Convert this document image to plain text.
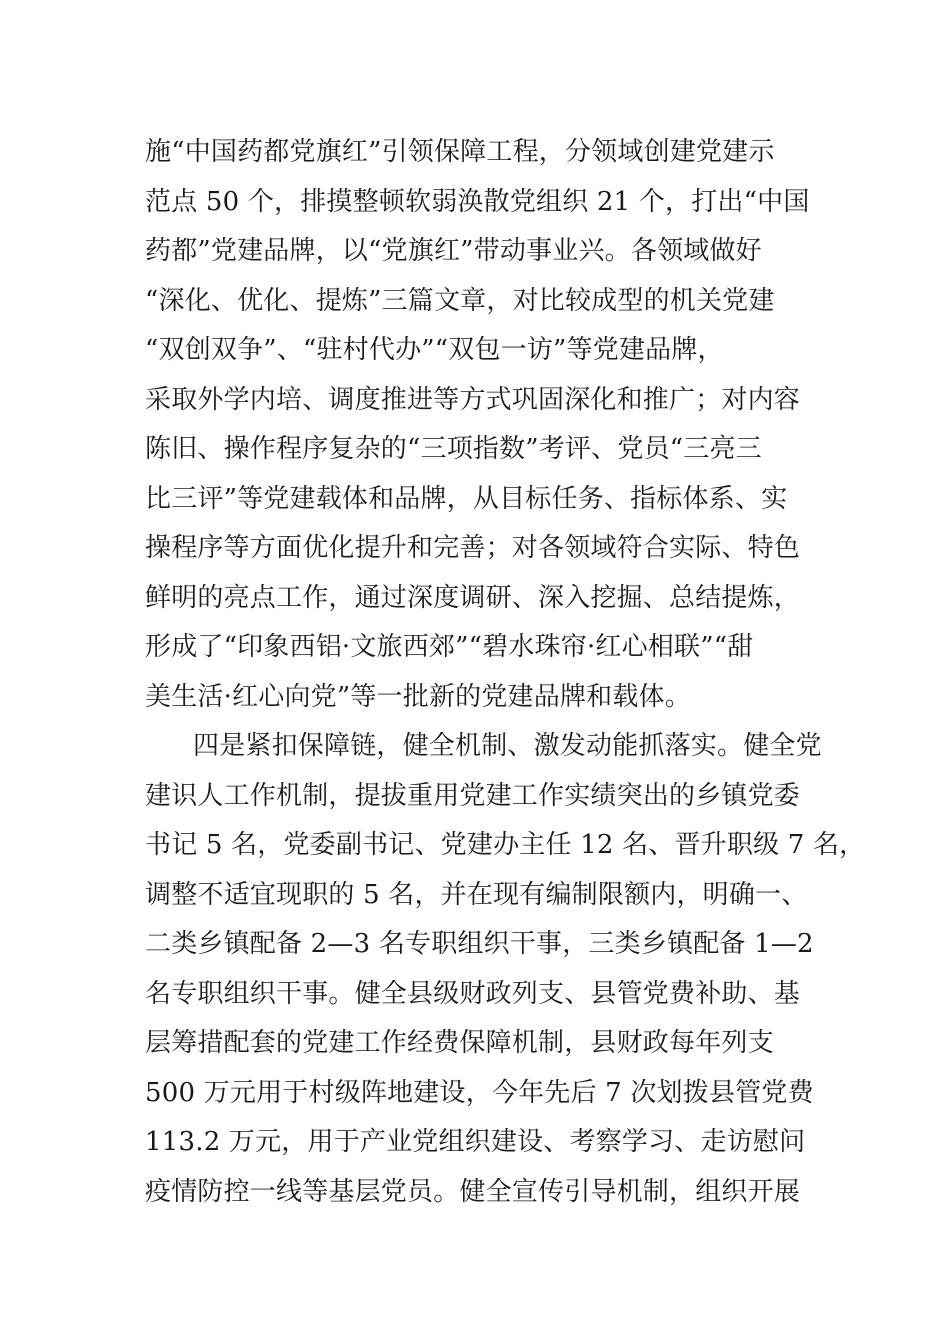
施“中国药都党旗红”引领保障工程，分领域创建党建示
范点 50 个，排摸整顿软弱涣散党组织 21 个，打出“中国
药都”党建品牌，以“党旗红”带动事业兴。各领域做好
“深化、优化、提炼”三篇文章，对比较成型的机关党建
“双创双争”、“驻村代办”“双包一访”等党建品牌，
采取外学内培、调度推进等方式巩固深化和推广；对内容
陈旧、操作程序复杂的“三项指数”考评、党员“三亮三
比三评”等党建载体和品牌，从目标任务、指标体系、实
操程序等方面优化提升和完善；对各领域符合实际、特色
鲜明的亮点工作，通过深度调研、深入挖掘、总结提炼，
形成了“印象西铝·文旅西郊”“碧水珠帘·红心相联”“甜
美生活·红心向党”等一批新的党建品牌和载体。
四是紧扣保障链，健全机制、激发动能抓落实。健全党
建识人工作机制，提拔重用党建工作实绩突出的乡镇党委
书记 5 名，党委副书记、党建办主任 12 名、晋升职级 7 名，
调整不适宜现职的 5 名，并在现有编制限额内，明确一、
二类乡镇配备 2—3 名专职组织干事，三类乡镇配备 1—2
名专职组织干事。健全县级财政列支、县管党费补助、基
层筹措配套的党建工作经费保障机制，县财政每年列支
500 万元用于村级阵地建设，今年先后 7 次划拨县管党费
113.2 万元，用于产业党组织建设、考察学习、走访慰问
疫情防控一线等基层党员。健全宣传引导机制，组织开展
